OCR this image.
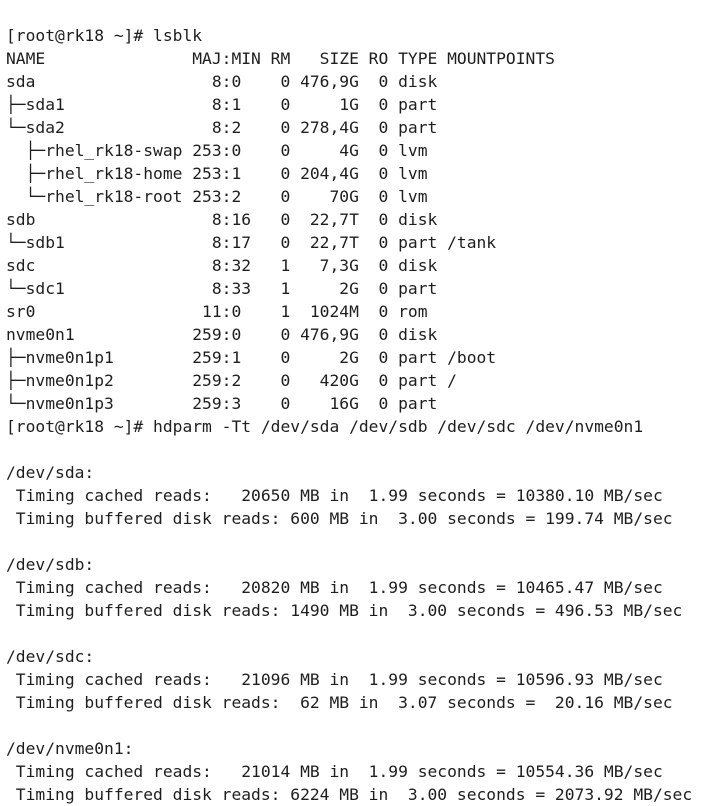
[root@rk18 ~]# lsblk
NAME               MAJ:MIN RM   SIZE RO TYPE MOUNTPOINTS
sda                  8:0    0 476,9G  0 disk
├─sda1               8:1    0     1G  0 part
└─sda2               8:2    0 278,4G  0 part
├─rhel_rk18-swap 253:0    0     4G  0 lvm
├─rhel_rk18-home 253:1    0 204,4G  0 lvm
└─rhel_rk18-root 253:2    0    70G  0 lvm
sdb                  8:16   0  22,7T  0 disk
└─sdb1               8:17   0  22,7T  0 part /tank
sdc                  8:32   1   7,3G  0 disk
└─sdc1               8:33   1     2G  0 part
sr0                 11:0    1  1024M  0 rom
nvme0n1            259:0    0 476,9G  0 disk
├─nvme0n1p1        259:1    0     2G  0 part /boot
├─nvme0n1p2        259:2    0   420G  0 part /
└─nvme0n1p3        259:3    0    16G  0 part
[root@rk18 ~]# hdparm -Tt /dev/sda /dev/sdb /dev/sdc /dev/nvme0n1
/dev/sda:
Timing cached reads:   20650 MB in  1.99 seconds = 10380.10 MB/sec
Timing buffered disk reads: 600 MB in  3.00 seconds = 199.74 MB/sec
/dev/sdb:
Timing cached reads:   20820 MB in  1.99 seconds = 10465.47 MB/sec
Timing buffered disk reads: 1490 MB in  3.00 seconds = 496.53 MB/sec
/dev/sdc:
Timing cached reads:   21096 MB in  1.99 seconds = 10596.93 MB/sec
Timing buffered disk reads:  62 MB in  3.07 seconds =  20.16 MB/sec
/dev/nvme0n1:
Timing cached reads:   21014 MB in  1.99 seconds = 10554.36 MB/sec
Timing buffered disk reads: 6224 MB in  3.00 seconds = 2073.92 MB/sec
